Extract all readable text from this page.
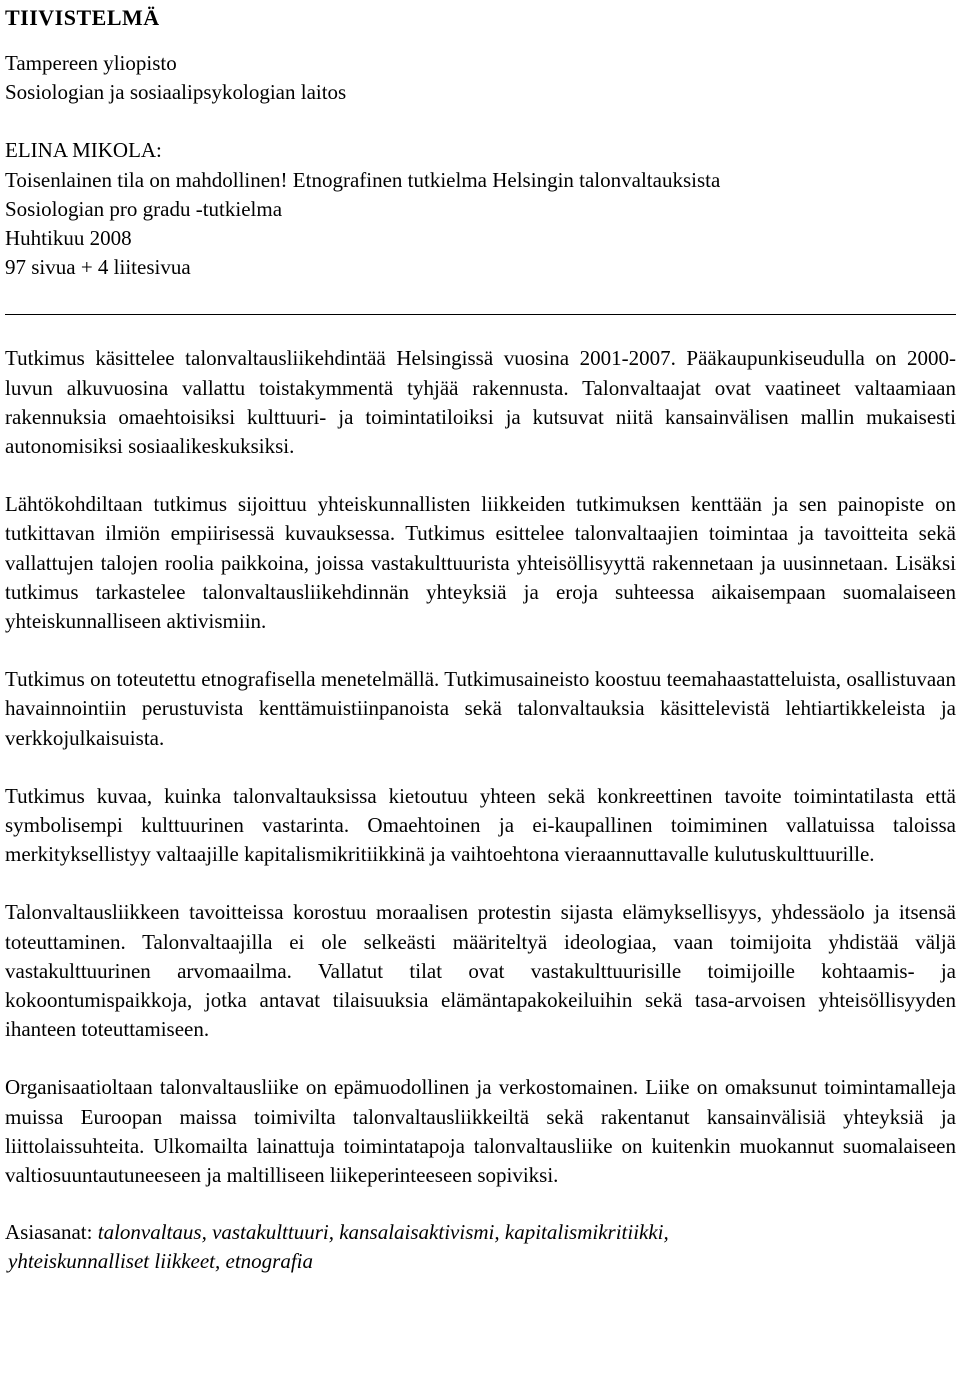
TIIVISTELMÄ
Tampereen yliopisto
Sosiologian ja sosiaalipsykologian laitos
ELINA MIKOLA:
Toisenlainen tila on mahdollinen! Etnografinen tutkielma Helsingin talonvaltauksista
Sosiologian pro gradu -tutkielma
Huhtikuu 2008
97 sivua + 4 liitesivua

Tutkimus käsittelee talonvaltausliikehdintää Helsingissä vuosina 2001-2007. Pääkaupunkiseudulla on 2000-luvun alkuvuosina vallattu toistakymmentä tyhjää rakennusta. Talonvaltaajat ovat vaatineet valtaamiaan rakennuksia omaehtoisiksi kulttuuri- ja toimintatiloiksi ja kutsuvat niitä kansainvälisen mallin mukaisesti autonomisiksi sosiaalikeskuksiksi.

Lähtökohdiltaan tutkimus sijoittuu yhteiskunnallisten liikkeiden tutkimuksen kenttään ja sen painopiste on tutkittavan ilmiön empiirisessä kuvauksessa. Tutkimus esittelee talonvaltaajien toimintaa ja tavoitteita sekä vallattujen talojen roolia paikkoina, joissa vastakulttuurista yhteisöllisyyttä rakennetaan ja uusinnetaan. Lisäksi tutkimus tarkastelee talonvaltausliikehdinnän yhteyksiä ja eroja suhteessa aikaisempaan suomalaiseen yhteiskunnalliseen aktivismiin.

Tutkimus on toteutettu etnografisella menetelmällä. Tutkimusaineisto koostuu teemahaastatteluista, osallistuvaan havainnointiin perustuvista kenttämuistiinpanoista sekä talonvaltauksia käsittelevistä lehtiartikkeleista ja verkkojulkaisuista.

Tutkimus kuvaa, kuinka talonvaltauksissa kietoutuu yhteen sekä konkreettinen tavoite toimintatilasta että symbolisempi kulttuurinen vastarinta. Omaehtoinen ja ei-kaupallinen toimiminen vallatuissa taloissa merkityksellistyy valtaajille kapitalismikritiikkinä ja vaihtoehtona vieraannuttavalle kulutuskulttuurille.

Talonvaltausliikkeen tavoitteissa korostuu moraalisen protestin sijasta elämyksellisyys, yhdessäolo ja itsensä toteuttaminen. Talonvaltaajilla ei ole selkeästi määriteltyä ideologiaa, vaan toimijoita yhdistää väljä vastakulttuurinen arvomaailma. Vallatut tilat ovat vastakulttuurisille toimijoille kohtaamis- ja kokoontumispaikkoja, jotka antavat tilaisuuksia elämäntapakokeiluihin sekä tasa-arvoisen yhteisöllisyyden ihanteen toteuttamiseen.

Organisaatioltaan talonvaltausliike on epämuodollinen ja verkostomainen. Liike on omaksunut toimintamalleja muissa Euroopan maissa toimivilta talonvaltausliikkeiltä sekä rakentanut kansainvälisiä yhteyksiä ja liittolaissuhteita. Ulkomailta lainattuja toimintatapoja talonvaltausliike on kuitenkin muokannut suomalaiseen valtiosuuntautuneeseen ja maltilliseen liikeperinteeseen sopiviksi.

Asiasanat: talonvaltaus, vastakulttuuri, kansalaisaktivismi, kapitalismikritiikki,
yhteiskunnalliset liikkeet, etnografia
